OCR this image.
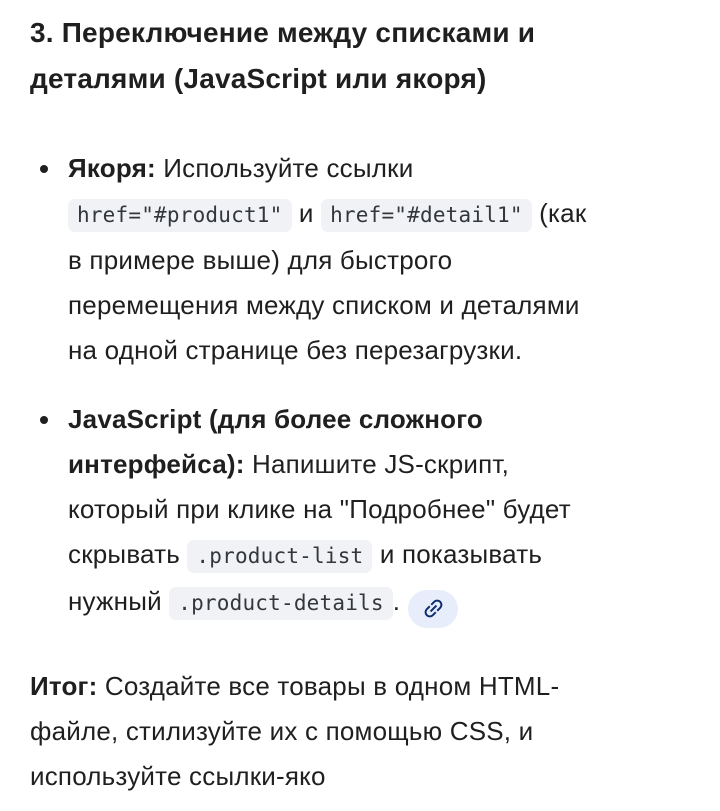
3. Переключение между списками и деталями (JavaScript или якоря)
Якоря: Используйте ссылки href="#product1" и href="#detail1" (как в примере выше) для быстрого перемещения между списком и деталями на одной странице без перезагрузки.
JavaScript (для более сложного интерфейса): Напишите JS-скрипт, который при клике на "Подробнее" будет скрывать .product-list и показывать нужный .product-details .

Итог: Создайте все товары в одном HTML-файле, стилизуйте их с помощью CSS, и используйте ссылки-яко
